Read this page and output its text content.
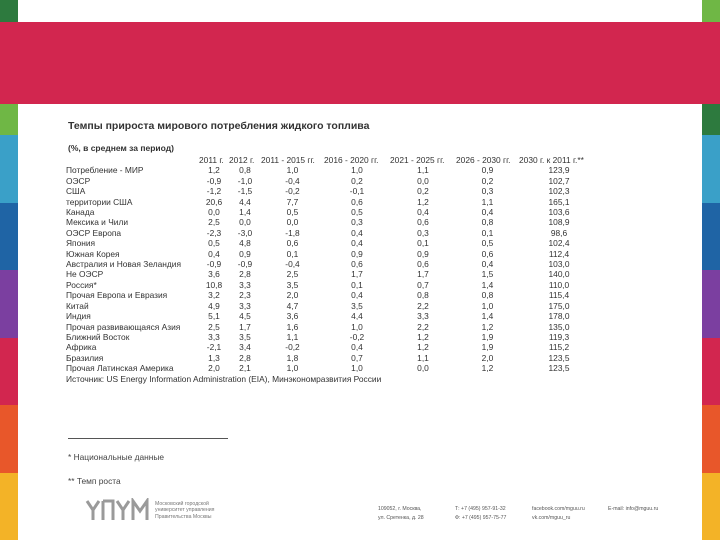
Темпы прироста мирового потребления жидкого топлива
(%, в среднем за период)
	2011 г.	2012 г.	2011 - 2015 гг.	2016 - 2020 гг.	2021 - 2025 гг.	2026 - 2030 гг.	2030 г. к 2011 г.**
Потребление - МИР	1,2	0,8	1,0	1,0	1,1	0,9	123,9
ОЭСР	-0,9	-1,0	-0,4	0,2	0,0	0,2	102,7
США	-1,2	-1,5	-0,2	-0,1	0,2	0,3	102,3
территории США	20,6	4,4	7,7	0,6	1,2	1,1	165,1
Канада	0,0	1,4	0,5	0,5	0,4	0,4	103,6
Мексика и Чили	2,5	0,0	0,0	0,3	0,6	0,8	108,9
ОЭСР Европа	-2,3	-3,0	-1,8	0,4	0,3	0,1	98,6
Япония	0,5	4,8	0,6	0,4	0,1	0,5	102,4
Южная Корея	0,4	0,9	0,1	0,9	0,9	0,6	112,4
Австралия и Новая Зеландия	-0,9	-0,9	-0,4	0,6	0,6	0,4	103,0
Не ОЭСР	3,6	2,8	2,5	1,7	1,7	1,5	140,0
Россия*	10,8	3,3	3,5	0,1	0,7	1,4	110,0
Прочая Европа и Евразия	3,2	2,3	2,0	0,4	0,8	0,8	115,4
Китай	4,9	3,3	4,7	3,5	2,2	1,0	175,0
Индия	5,1	4,5	3,6	4,4	3,3	1,4	178,0
Прочая развивающаяся Азия	2,5	1,7	1,6	1,0	2,2	1,2	135,0
Ближний Восток	3,3	3,5	1,1	-0,2	1,2	1,9	119,3
Африка	-2,1	3,4	-0,2	0,4	1,2	1,9	115,2
Бразилия	1,3	2,8	1,8	0,7	1,1	2,0	123,5
Прочая Латинская Америка	2,0	2,1	1,0	1,0	0,0	1,2	123,5
Источник: US Energy Information Administration (EIA), Минэкономразвития России							
* Национальные данные
** Темп роста
Московский городской
университет управления
Правительства Москвы
109052, г. Москва,
ул. Сретенка, д. 28
Т: +7 (495) 957-91-32
Ф: +7 (495) 957-75-77
facebook.com/mguu.ru
vk.com/mguu_ru
E-mail: info@mguu.ru
